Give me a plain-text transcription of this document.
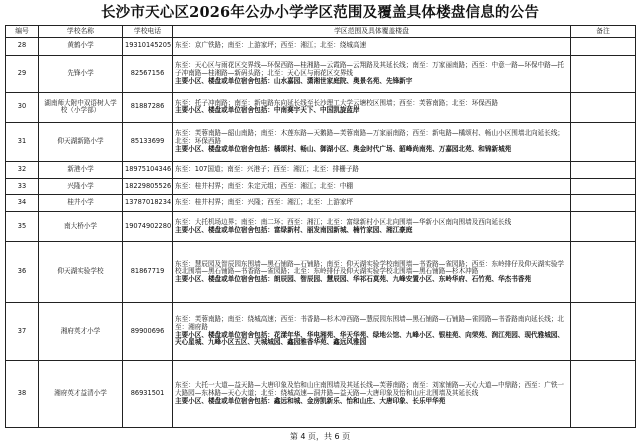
长沙市天心区2026年公办小学学区范围及覆盖具体楼盘信息的公告
编号	学校名称	学校电话	学区范围及具体覆盖楼盘	备注
28	黄鹤小学	19310145205	东至：京广铁路；南至：上游家坪；西至：湘江；北至：绕城高速	

29	先锋小学	82567156	东至：天心区与雨花区交界线—环保西路—桂湘路—云霞路—云翔路及其延长线；南至：万家丽南路；西至：中意一路—环保中路—托子冲南路—桂湘路—新码头路；北至：天心区与雨花区交界线
主要小区、楼盘或单位宿舍包括：山水嘉园、潇湘世家庭院、奥景名苑、先锋新宇	

30	湖南师大附中双语树人学校（小学部）	81887286	东至：托子冲南路；南至：新电路东向延长线至长沙理工大学云塘校区围墙；西至：芙蓉南路；北至：环保西路
主要小区、楼盘或单位宿舍包括：中南赛宇天下、中国凯旋蓝岸	

31	仰天湖新路小学	85133699	东至：芙蓉南路—韶山南路；南至：木莲东路—天鹅路—芙蓉南路—万家丽南路；西至：新电路—橘颂村、畅山小区围墙北向延长线；北至：环保西路
主要小区、楼盘或单位宿舍包括：橘颂村、畅山、御湖小区、奥金时代广场、韶峰尚南苑、万嘉园北苑、和锦新城苑	

32	新港小学	18975104346	东至：107国道；南至：兴港子；西至：湘江；北至：排栅子路	

33	兴隆小学	18229805526	东至：桂井村界；南至：朱定元组；西至：湘江；北至：中棚	

34	桂井小学	13787018234	东至：桂井村界；南至：兴隆；西至：湘江；北至：上游家坪	

35	南大桥小学	19074902280	东至：大托机场边界；南至：南二环；西至：湘江；北至：富绿新村小区北向围墙—华新小区南向围墙及西向延长线
主要小区、楼盘或单位宿舍包括：富绿新村、丽发南园新城、楠竹家园、湘江豪庭	

36	仰天湖实验学校	81867719	东至：慧辰园及智辰园东围墙—黑石铺路—石铺路；南至：仰天湖实验学校南围墙—书香路—雀园路；西至：东岭排仔及仰天湖实验学校北围墙—黑石铺路—书香路—雀园路；北至：东岭排仔及仰天湖实验学校北围墙—黑石铺路—杉木冲路
主要小区、楼盘或单位宿舍包括：朗辰园、智辰园、慧辰园、华祁石莫苑、九峰安置小区、东岭华府、石竹苑、华杰书香苑	

37	湘府英才小学	89900696	东至：芙蓉南路；南至：绕城高速；西至：书香路—杉木冲西路—慧辰园东围墙—黑石铺路—石铺路—雀园路—书香路南向延长线；北至：湘府路
主要小区、楼盘或单位宿舍包括：花漾年华、华电湘苑、华天华苑、绿地公馆、九峰小区、银桂苑、向荣苑、润江苑园、现代雅城园、天心星城、九峰小区五区、天城城园、鑫园雅香华苑、鑫远风雅园	

38	湘府英才益清小学	86931501	东至：大托一大道—益天路—大唐印象及怡和山庄南围墙及其延长线—芙蓉南路；南至：刘家铺路—天心大道—中鼎路；西至：广铁一大路园—东林路—天心大道；北至：绕城高速—洞井路—益天路—大唐印象及怡和山庄北围墙及其延长线
主要小区、楼盘或单位宿舍包括：鑫远和城、金房凯新乐、怡和山庄、大唐印象、长乐甲华苑	

第 4 页，共 6 页
